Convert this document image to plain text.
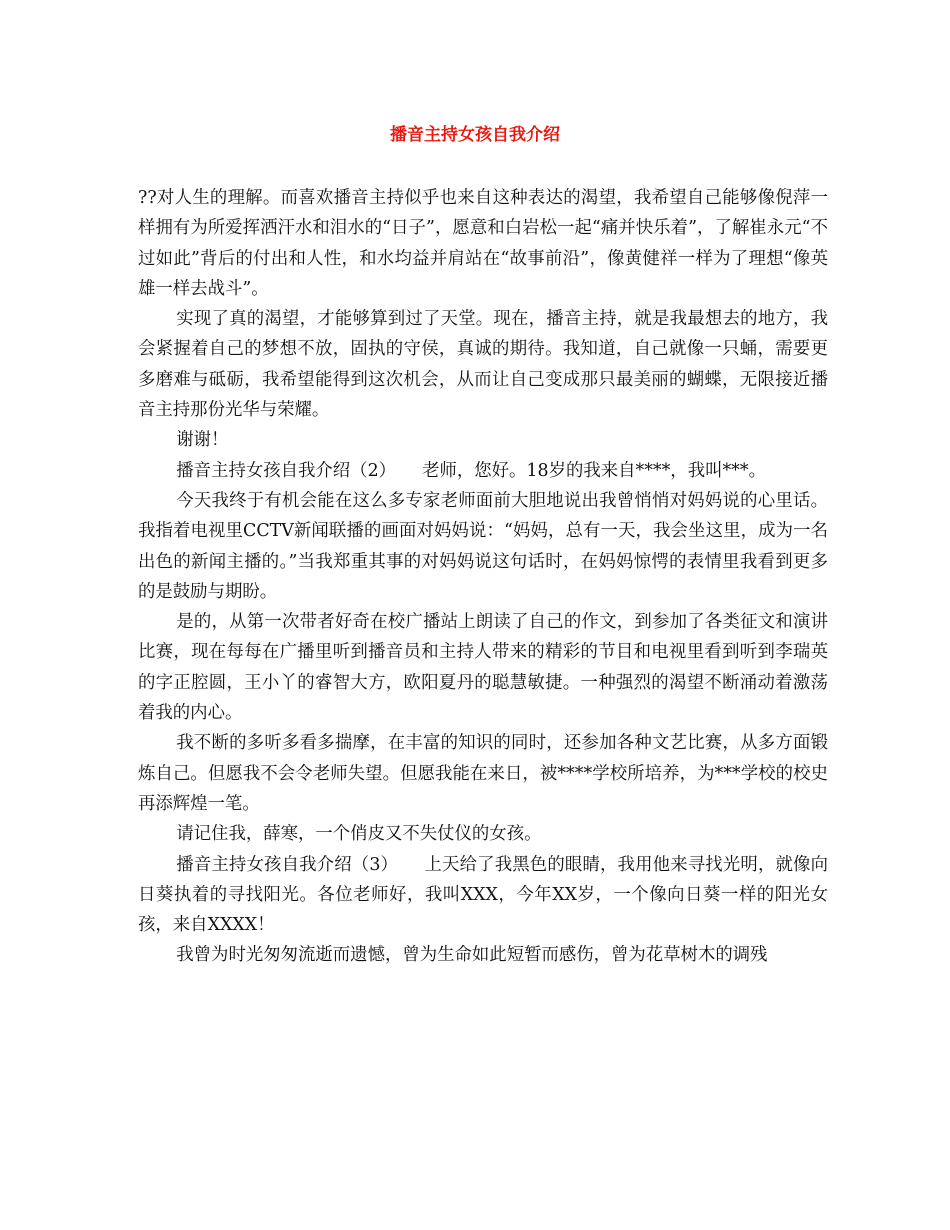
播音主持女孩自我介绍

??对人生的理解。而喜欢播音主持似乎也来自这种表达的渴望，我希望自己能够像倪萍一样拥有为所爱挥洒汗水和泪水的“日子”，愿意和白岩松一起“痛并快乐着”，了解崔永元“不过如此”背后的付出和人性，和水均益并肩站在“故事前沿”，像黄健祥一样为了理想“像英雄一样去战斗”。

实现了真的渴望，才能够算到过了天堂。现在，播音主持，就是我最想去的地方，我会紧握着自己的梦想不放，固执的守侯，真诚的期待。我知道，自己就像一只蛹，需要更多磨难与砥砺，我希望能得到这次机会，从而让自己变成那只最美丽的蝴蝶，无限接近播音主持那份光华与荣耀。

谢谢！

播音主持女孩自我介绍（2）　　老师，您好。18岁的我来自****，我叫***。

今天我终于有机会能在这么多专家老师面前大胆地说出我曾悄悄对妈妈说的心里话。我指着电视里CCTV新闻联播的画面对妈妈说：“妈妈，总有一天，我会坐这里，成为一名出色的新闻主播的。”当我郑重其事的对妈妈说这句话时，在妈妈惊愕的表情里我看到更多的是鼓励与期盼。

是的，从第一次带者好奇在校广播站上朗读了自己的作文，到参加了各类征文和演讲比赛，现在每每在广播里听到播音员和主持人带来的精彩的节目和电视里看到听到李瑞英的字正腔圆，王小丫的睿智大方，欧阳夏丹的聪慧敏捷。一种强烈的渴望不断涌动着激荡着我的内心。

我不断的多听多看多揣摩，在丰富的知识的同时，还参加各种文艺比赛，从多方面锻炼自己。但愿我不会令老师失望。但愿我能在来日，被****学校所培养，为***学校的校史再添辉煌一笔。

请记住我，薛寒，一个俏皮又不失仗仪的女孩。

播音主持女孩自我介绍（3）　　上天给了我黑色的眼睛，我用他来寻找光明，就像向日葵执着的寻找阳光。各位老师好，我叫XXX，今年XX岁，一个像向日葵一样的阳光女孩，来自XXXX！

我曾为时光匆匆流逝而遗憾，曾为生命如此短暂而感伤，曾为花草树木的调残
